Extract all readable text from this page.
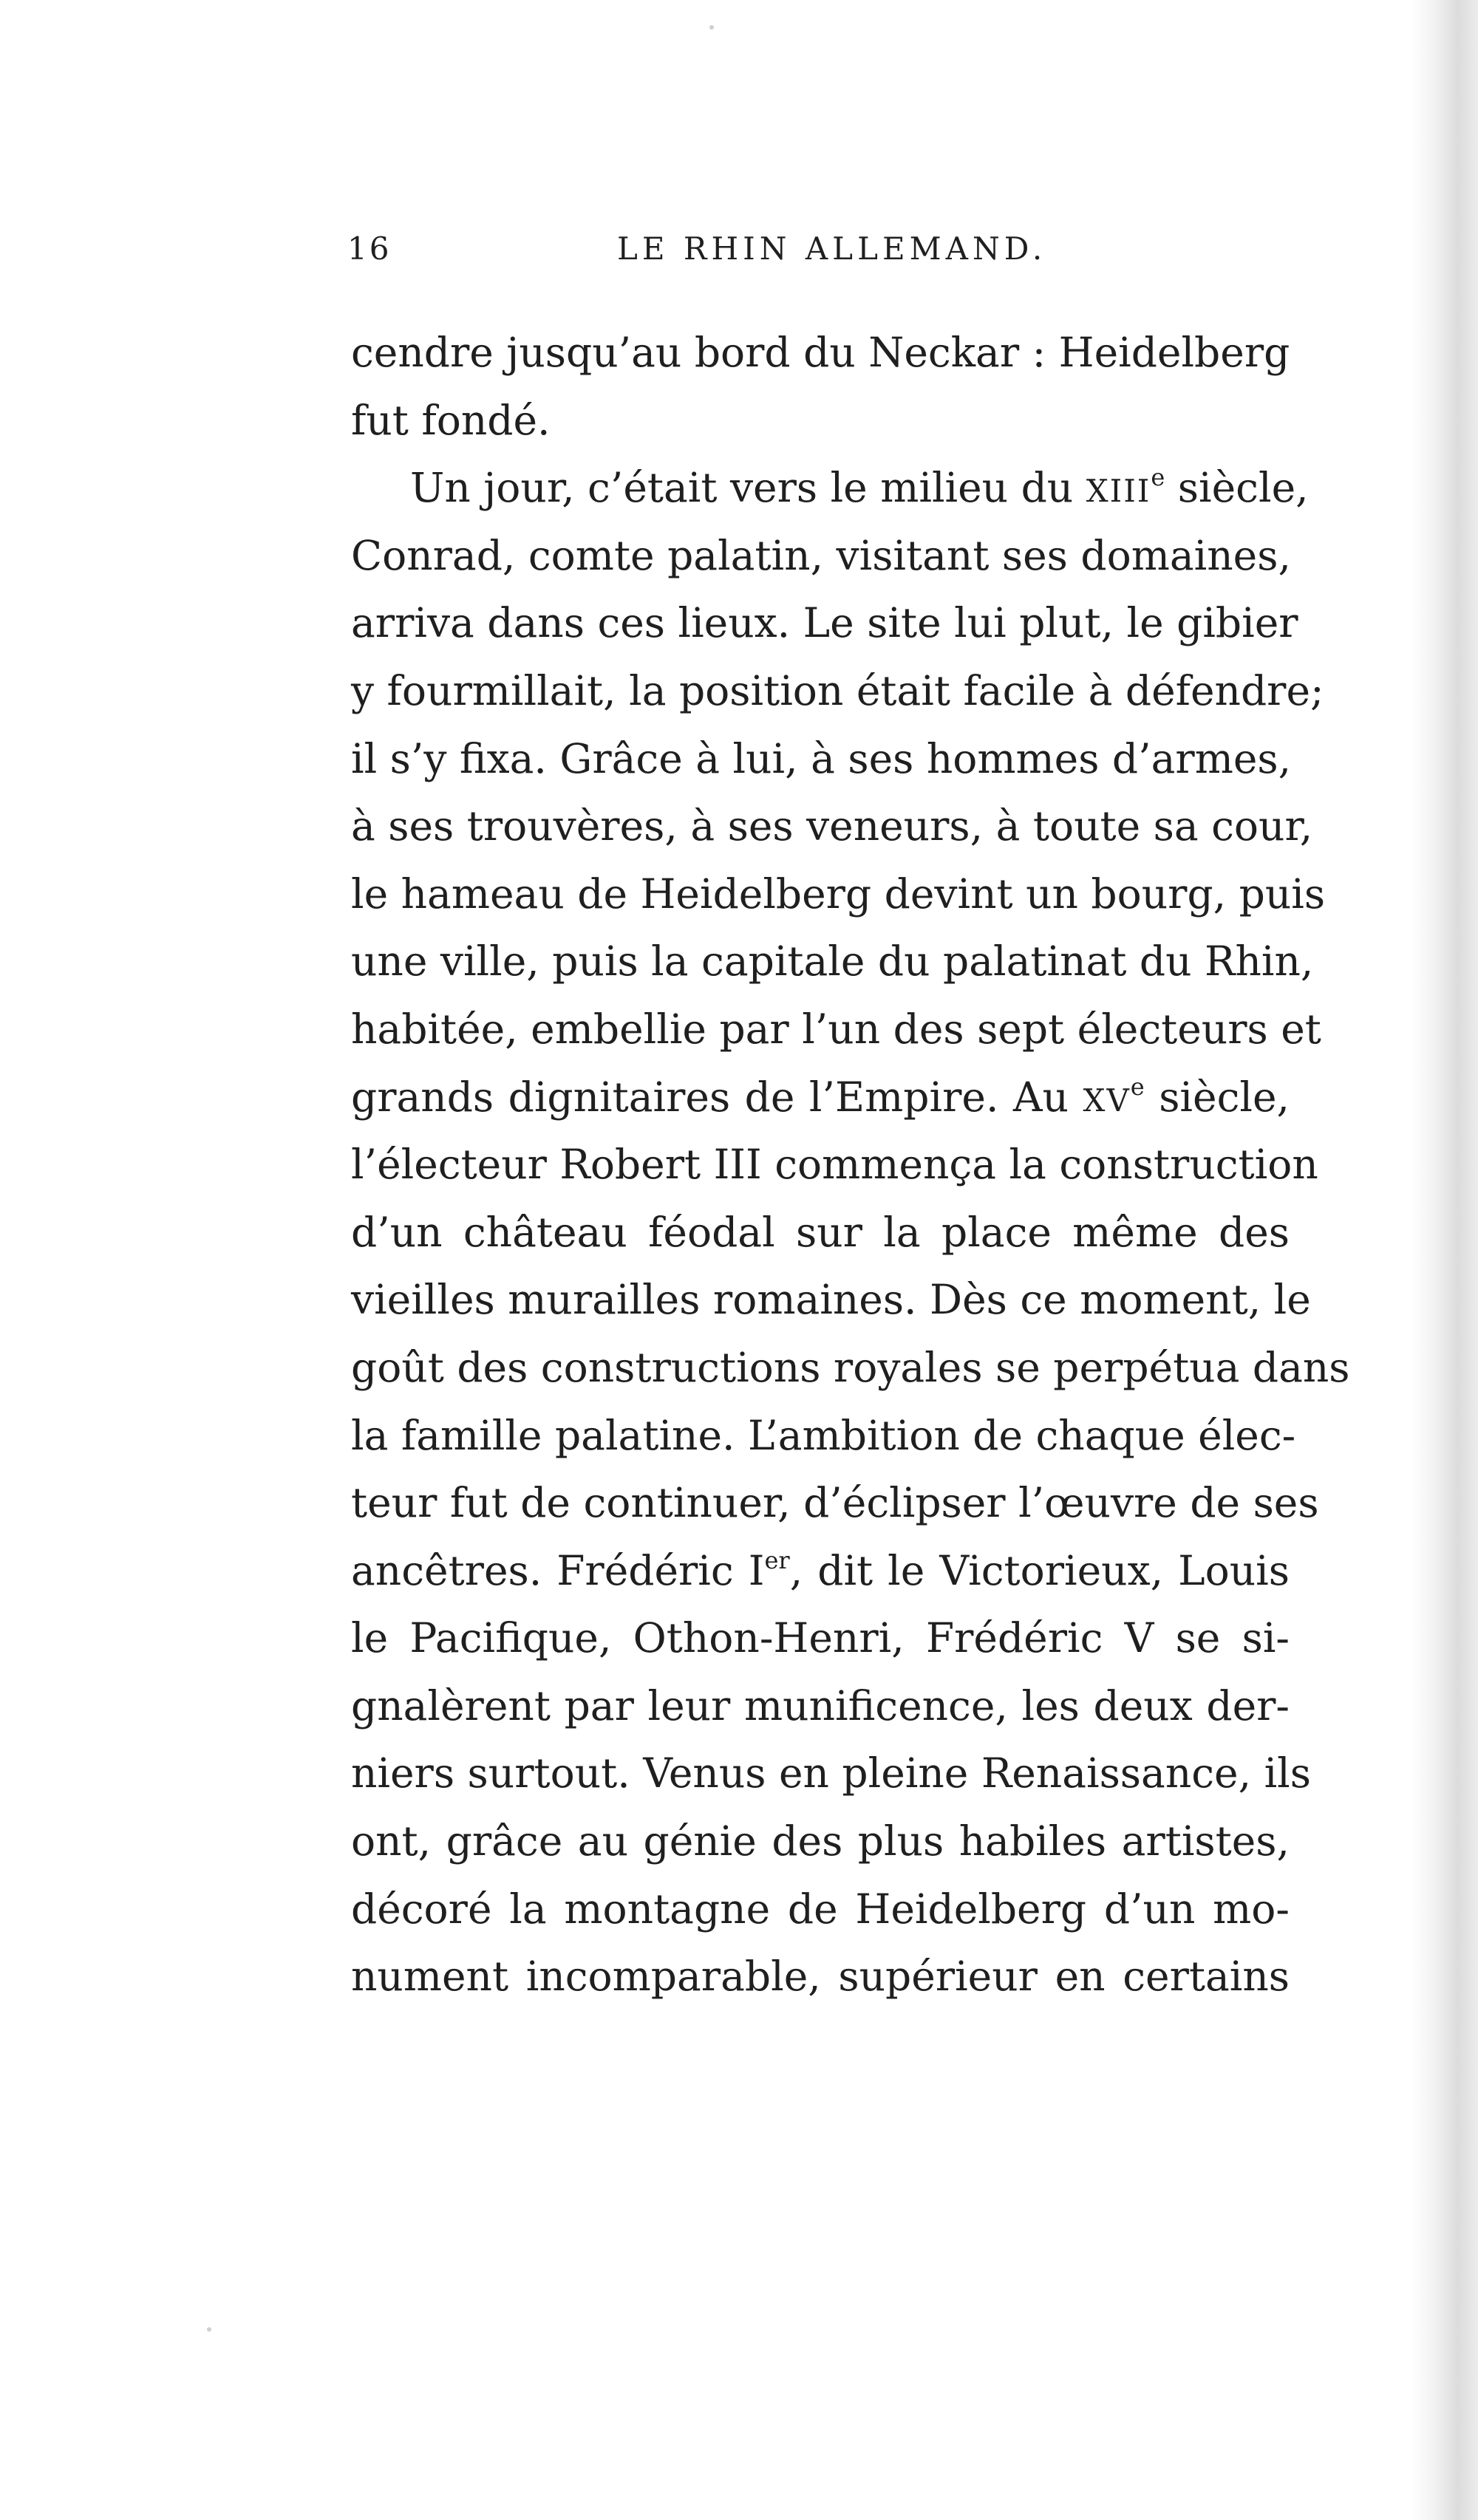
16	LE RHIN ALLEMAND.
cendre jusqu’au bord du Neckar : Heidelberg
fut fondé.
Un jour, c’était vers le milieu du XIIIe siècle,
Conrad, comte palatin, visitant ses domaines,
arriva dans ces lieux. Le site lui plut, le gibier
y fourmillait, la position était facile à défendre;
il s’y fixa. Grâce à lui, à ses hommes d’armes,
à ses trouvères, à ses veneurs, à toute sa cour,
le hameau de Heidelberg devint un bourg, puis
une ville, puis la capitale du palatinat du Rhin,
habitée, embellie par l’un des sept électeurs et
grands dignitaires de l’Empire. Au XVe siècle,
l’électeur Robert III commença la construction
d’un château féodal sur la place même des
vieilles murailles romaines. Dès ce moment, le
goût des constructions royales se perpétua dans
la famille palatine. L’ambition de chaque élec-
teur fut de continuer, d’éclipser l’œuvre de ses
ancêtres. Frédéric Ier, dit le Victorieux, Louis
le Pacifique, Othon-Henri, Frédéric V se si-
gnalèrent par leur munificence, les deux der-
niers surtout. Venus en pleine Renaissance, ils
ont, grâce au génie des plus habiles artistes,
décoré la montagne de Heidelberg d’un mo-
nument incomparable, supérieur en certains
